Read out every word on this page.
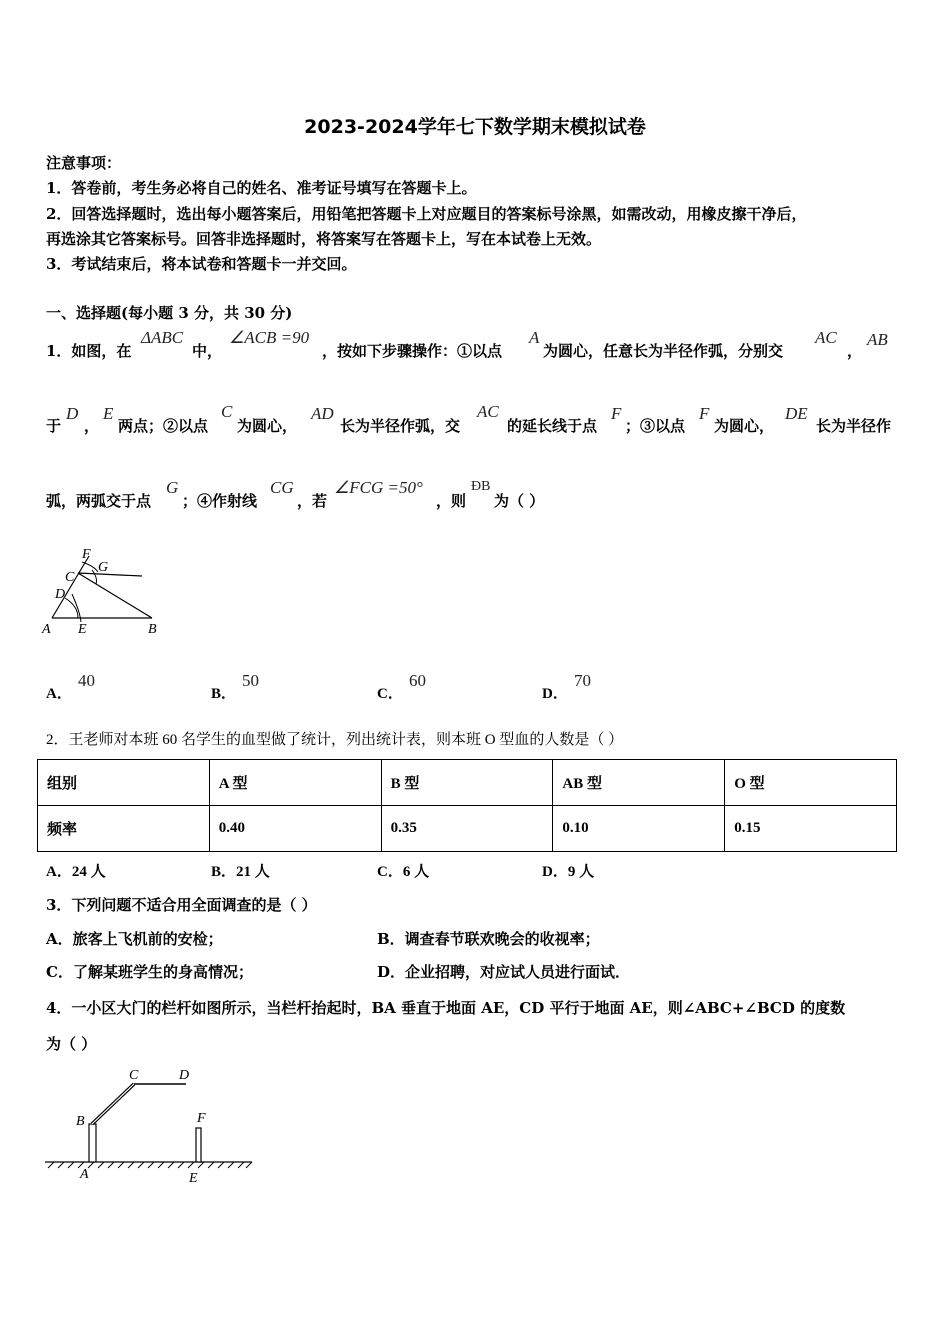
2023-2024学年七下数学期末模拟试卷
注意事项：
1．答卷前，考生务必将自己的姓名、准考证号填写在答题卡上。
2．回答选择题时，选出每小题答案后，用铅笔把答题卡上对应题目的答案标号涂黑，如需改动，用橡皮擦干净后，
再选涂其它答案标号。回答非选择题时，将答案写在答题卡上，写在本试卷上无效。
3．考试结束后，将本试卷和答题卡一并交回。
一、选择题(每小题 3 分，共 30 分)
1．如图，在
ΔABC
中，
∠ACB =90
，按如下步骤操作：①以点
A
为圆心，任意长为半径作弧，分别交
AC
，
AB
于
D
，
E
两点；②以点
C
为圆心，
AD
长为半径作弧，交
AC
的延长线于点
F
；③以点
F
为圆心，
DE
长为半径作
弧，两弧交于点
G
；④作射线
CG
，若
∠FCG =50°
，则
ÐB
为（ ）
A	B
C
D
E
F
G
A．
40
B．
50
C．
60
D．
70
2．王老师对本班 60 名学生的血型做了统计，列出统计表，则本班 O 型血的人数是（ ）
组别	A 型	B 型	AB 型	O 型
频率	0.40	0.35	0.10	0.15
A．24 人	B．21 人	C．6 人	D．9 人
3．下列问题不适合用全面调查的是（ ）
A．旅客上飞机前的安检；	B．调查春节联欢晚会的收视率；
C．了解某班学生的身高情况；	D．企业招聘，对应试人员进行面试．
4．一小区大门的栏杆如图所示，当栏杆抬起时，BA 垂直于地面 AE，CD 平行于地面 AE，则∠ABC+∠BCD 的度数
为（ ）
A
B
C	D
E
F
